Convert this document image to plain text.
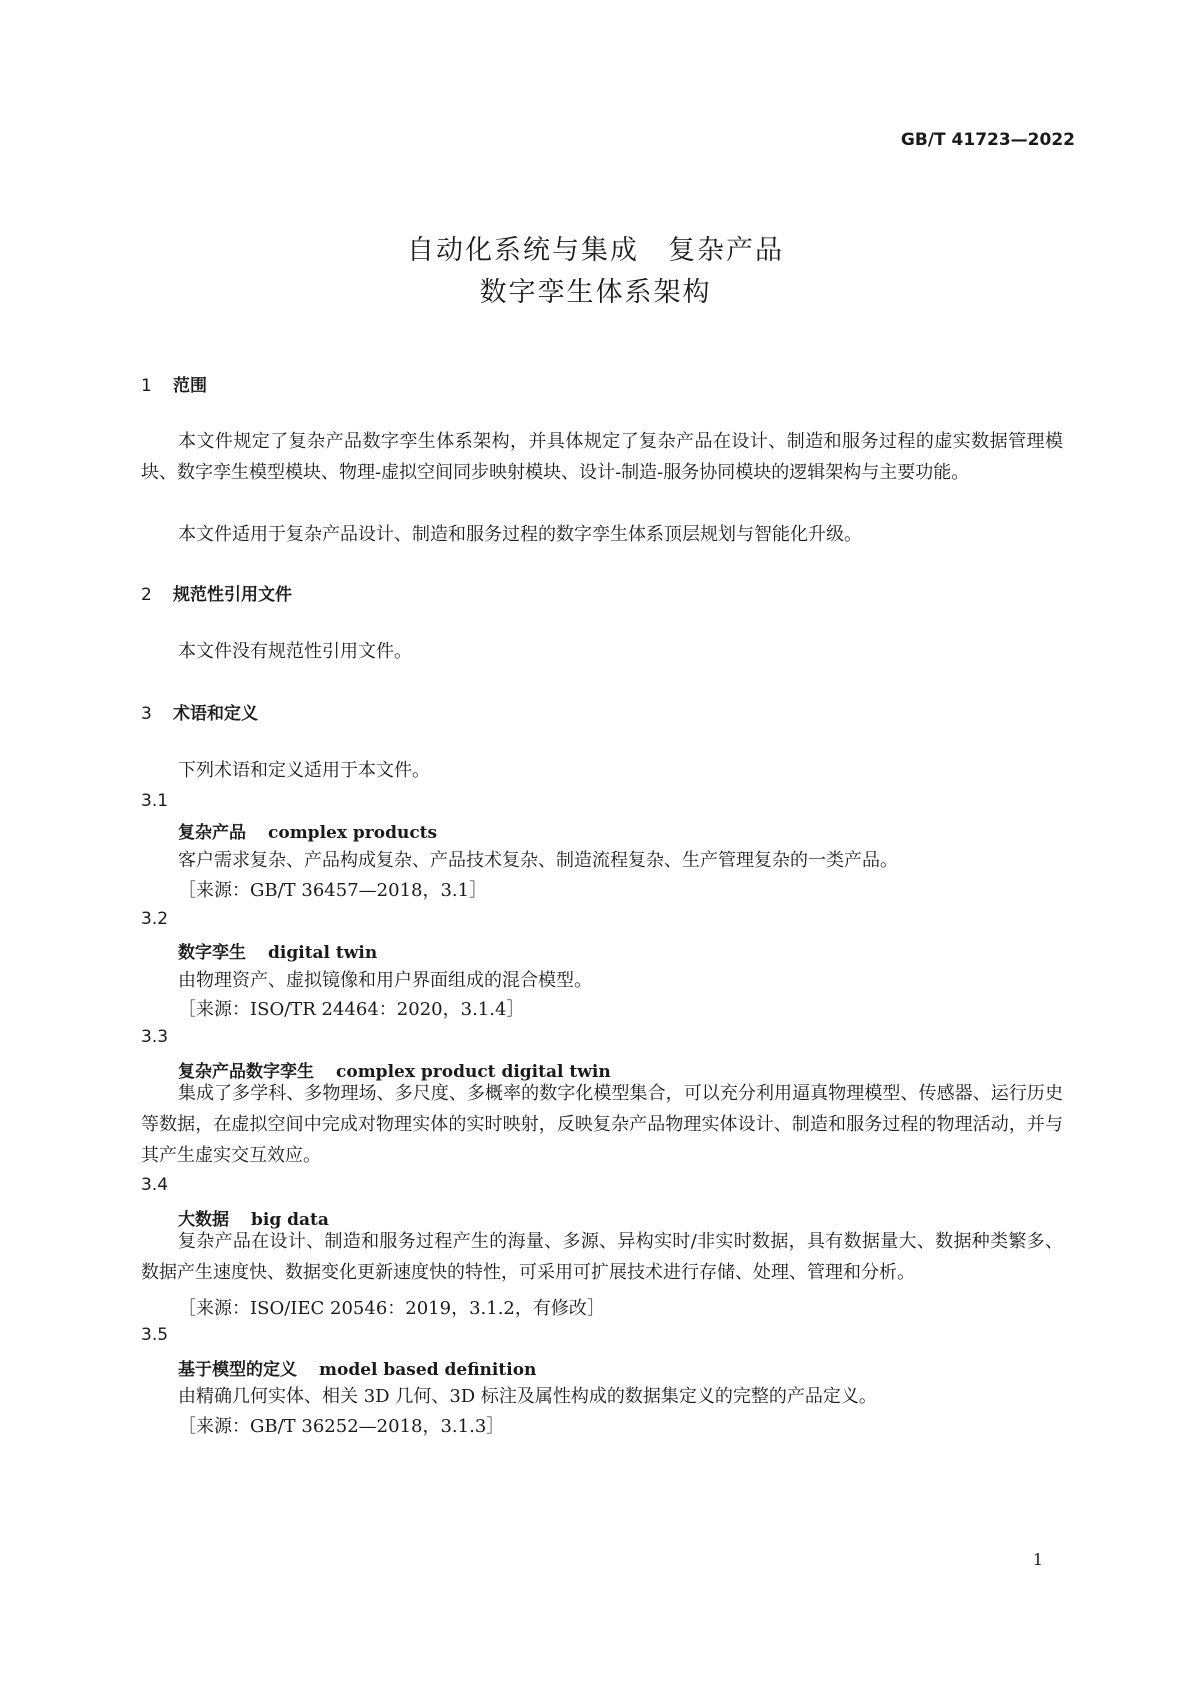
GB/T 41723—2022
自动化系统与集成　复杂产品
数字孪生体系架构
1 范围
本文件规定了复杂产品数字孪生体系架构，并具体规定了复杂产品在设计、制造和服务过程的虚实数据管理模块、数字孪生模型模块、物理-虚拟空间同步映射模块、设计-制造-服务协同模块的逻辑架构与主要功能。
本文件适用于复杂产品设计、制造和服务过程的数字孪生体系顶层规划与智能化升级。
2 规范性引用文件
本文件没有规范性引用文件。
3 术语和定义
下列术语和定义适用于本文件。
3.1
复杂产品 complex products
客户需求复杂、产品构成复杂、产品技术复杂、制造流程复杂、生产管理复杂的一类产品。
［来源：GB/T 36457—2018，3.1］
3.2
数字孪生 digital twin
由物理资产、虚拟镜像和用户界面组成的混合模型。
［来源：ISO/TR 24464：2020，3.1.4］
3.3
复杂产品数字孪生 complex product digital twin
集成了多学科、多物理场、多尺度、多概率的数字化模型集合，可以充分利用逼真物理模型、传感器、运行历史等数据，在虚拟空间中完成对物理实体的实时映射，反映复杂产品物理实体设计、制造和服务过程的物理活动，并与其产生虚实交互效应。
3.4
大数据 big data
复杂产品在设计、制造和服务过程产生的海量、多源、异构实时/非实时数据，具有数据量大、数据种类繁多、数据产生速度快、数据变化更新速度快的特性，可采用可扩展技术进行存储、处理、管理和分析。
［来源：ISO/IEC 20546：2019，3.1.2，有修改］
3.5
基于模型的定义 model based definition
由精确几何实体、相关 3D 几何、3D 标注及属性构成的数据集定义的完整的产品定义。
［来源：GB/T 36252—2018，3.1.3］
1
